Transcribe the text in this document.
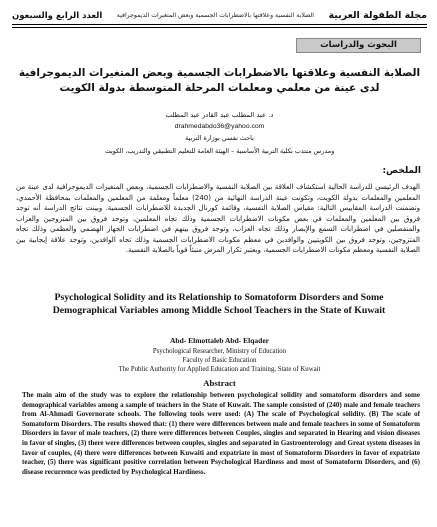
مجلة الطفولة العربية
الصلابة النفسية وعلاقتها بالاضطرابات الجسمية وبعض المتغيرات الديموجرافية
العدد الرابع والسبعون
البحوث والدراسات
الصلابة النفسية وعلاقتها بالاضطرابات الجسمية وبعض المتغيرات الديموجرافية لدى عينة من معلمي ومعلمات المرحلة المتوسطة بدولة الكويت
د. عبد المطلب عبد القادر عبد المطلب
drahmedabdo36@yahoo.com
باحث نفسي بوزارة التربية
ومدرس منتدب بكلية التربية الأساسية – الهيئة العامة للتعليم التطبيقي والتدريب، الكويت
الملخص:
الهدف الرئيسي للدراسة الحالية استكشاف العلاقة بين الصلابة النفسية والاضطرابات الجسمية، وبعض المتغيرات الديموجرافية لدى عينة من المعلمين والمعلمات بدولة الكويت، وتكونت عينة الدراسة النهائية من (240) معلماً ومعلمة من المعلمين والمعلمات بمحافظة الأحمدي، وتضمنت الدراسة المقاييس التالية: مقياس الصلابة النفسية، وقائمة كورنال الجديدة للاضطرابات الجسمية. وبينت نتائج الدراسة أنه توجد فروق بين المعلمين والمعلمات في بعض مكونات الاضطرابات الجسمية وذلك تجاه المعلمين، وتوجد فروق بين المتزوجين والعزاب والمنفصلين في اضطرابات السمع والإبصار وذلك تجاه العزاب، وتوجد فروق بينهم في اضطرابات الجهاز الهضمي والعظمي وذلك تجاه المتزوجين، وتوجد فروق بين الكويتيين والوافدين في معظم مكونات الاضطرابات الجسمية وذلك تجاه الوافدين، وتوجد علاقة إيجابية بين الصلابة النفسية ومعظم مكونات الاضطرابات الجسمية، ويعتبر تكرار المرض منبئاً قوياً بالصلابة النفسية.
Psychological Solidity and its Relationship to Somatoform Disorders and Some Demographical Variables among Middle School Teachers in the State of Kuwait
Abd- Elmottaleb Abd- Elqader
Psychological Researcher, Ministry of Education
Faculty of Basic Education
The Public Authority for Applied Education and Training, State of Kuwait
Abstract
The main aim of the study was to explore the relationship between psychological solidity and somatoform disorders and some demographical variables among a sample of teachers in the State of Kuwait. The sample consisted of (240) male and female teachers from Al-Ahmadi Governorate schools. The following tools were used: (A) The scale of Psychological solidity. (B) The scale of Somatoform Disorders. The results showed that: (1) there were differences between male and female teachers in some of Somatoform Disorders in favor of male teachers, (2) there were differences between Couples, singles and separated in Hearing and vision diseases in favor of singles, (3) there were differences between couples, singles and separated in Gastroenterology and Great system diseases in favor of couples, (4) there were differences between Kuwaiti and expatriate in most of Somatoform Disorders in favor of expatriate teacher, (5) there was significant positive correlation between Psychological Hardiness and most of Somatoform Disorders, and (6) disease recurrence was predicted by Psychological Hardiness.
